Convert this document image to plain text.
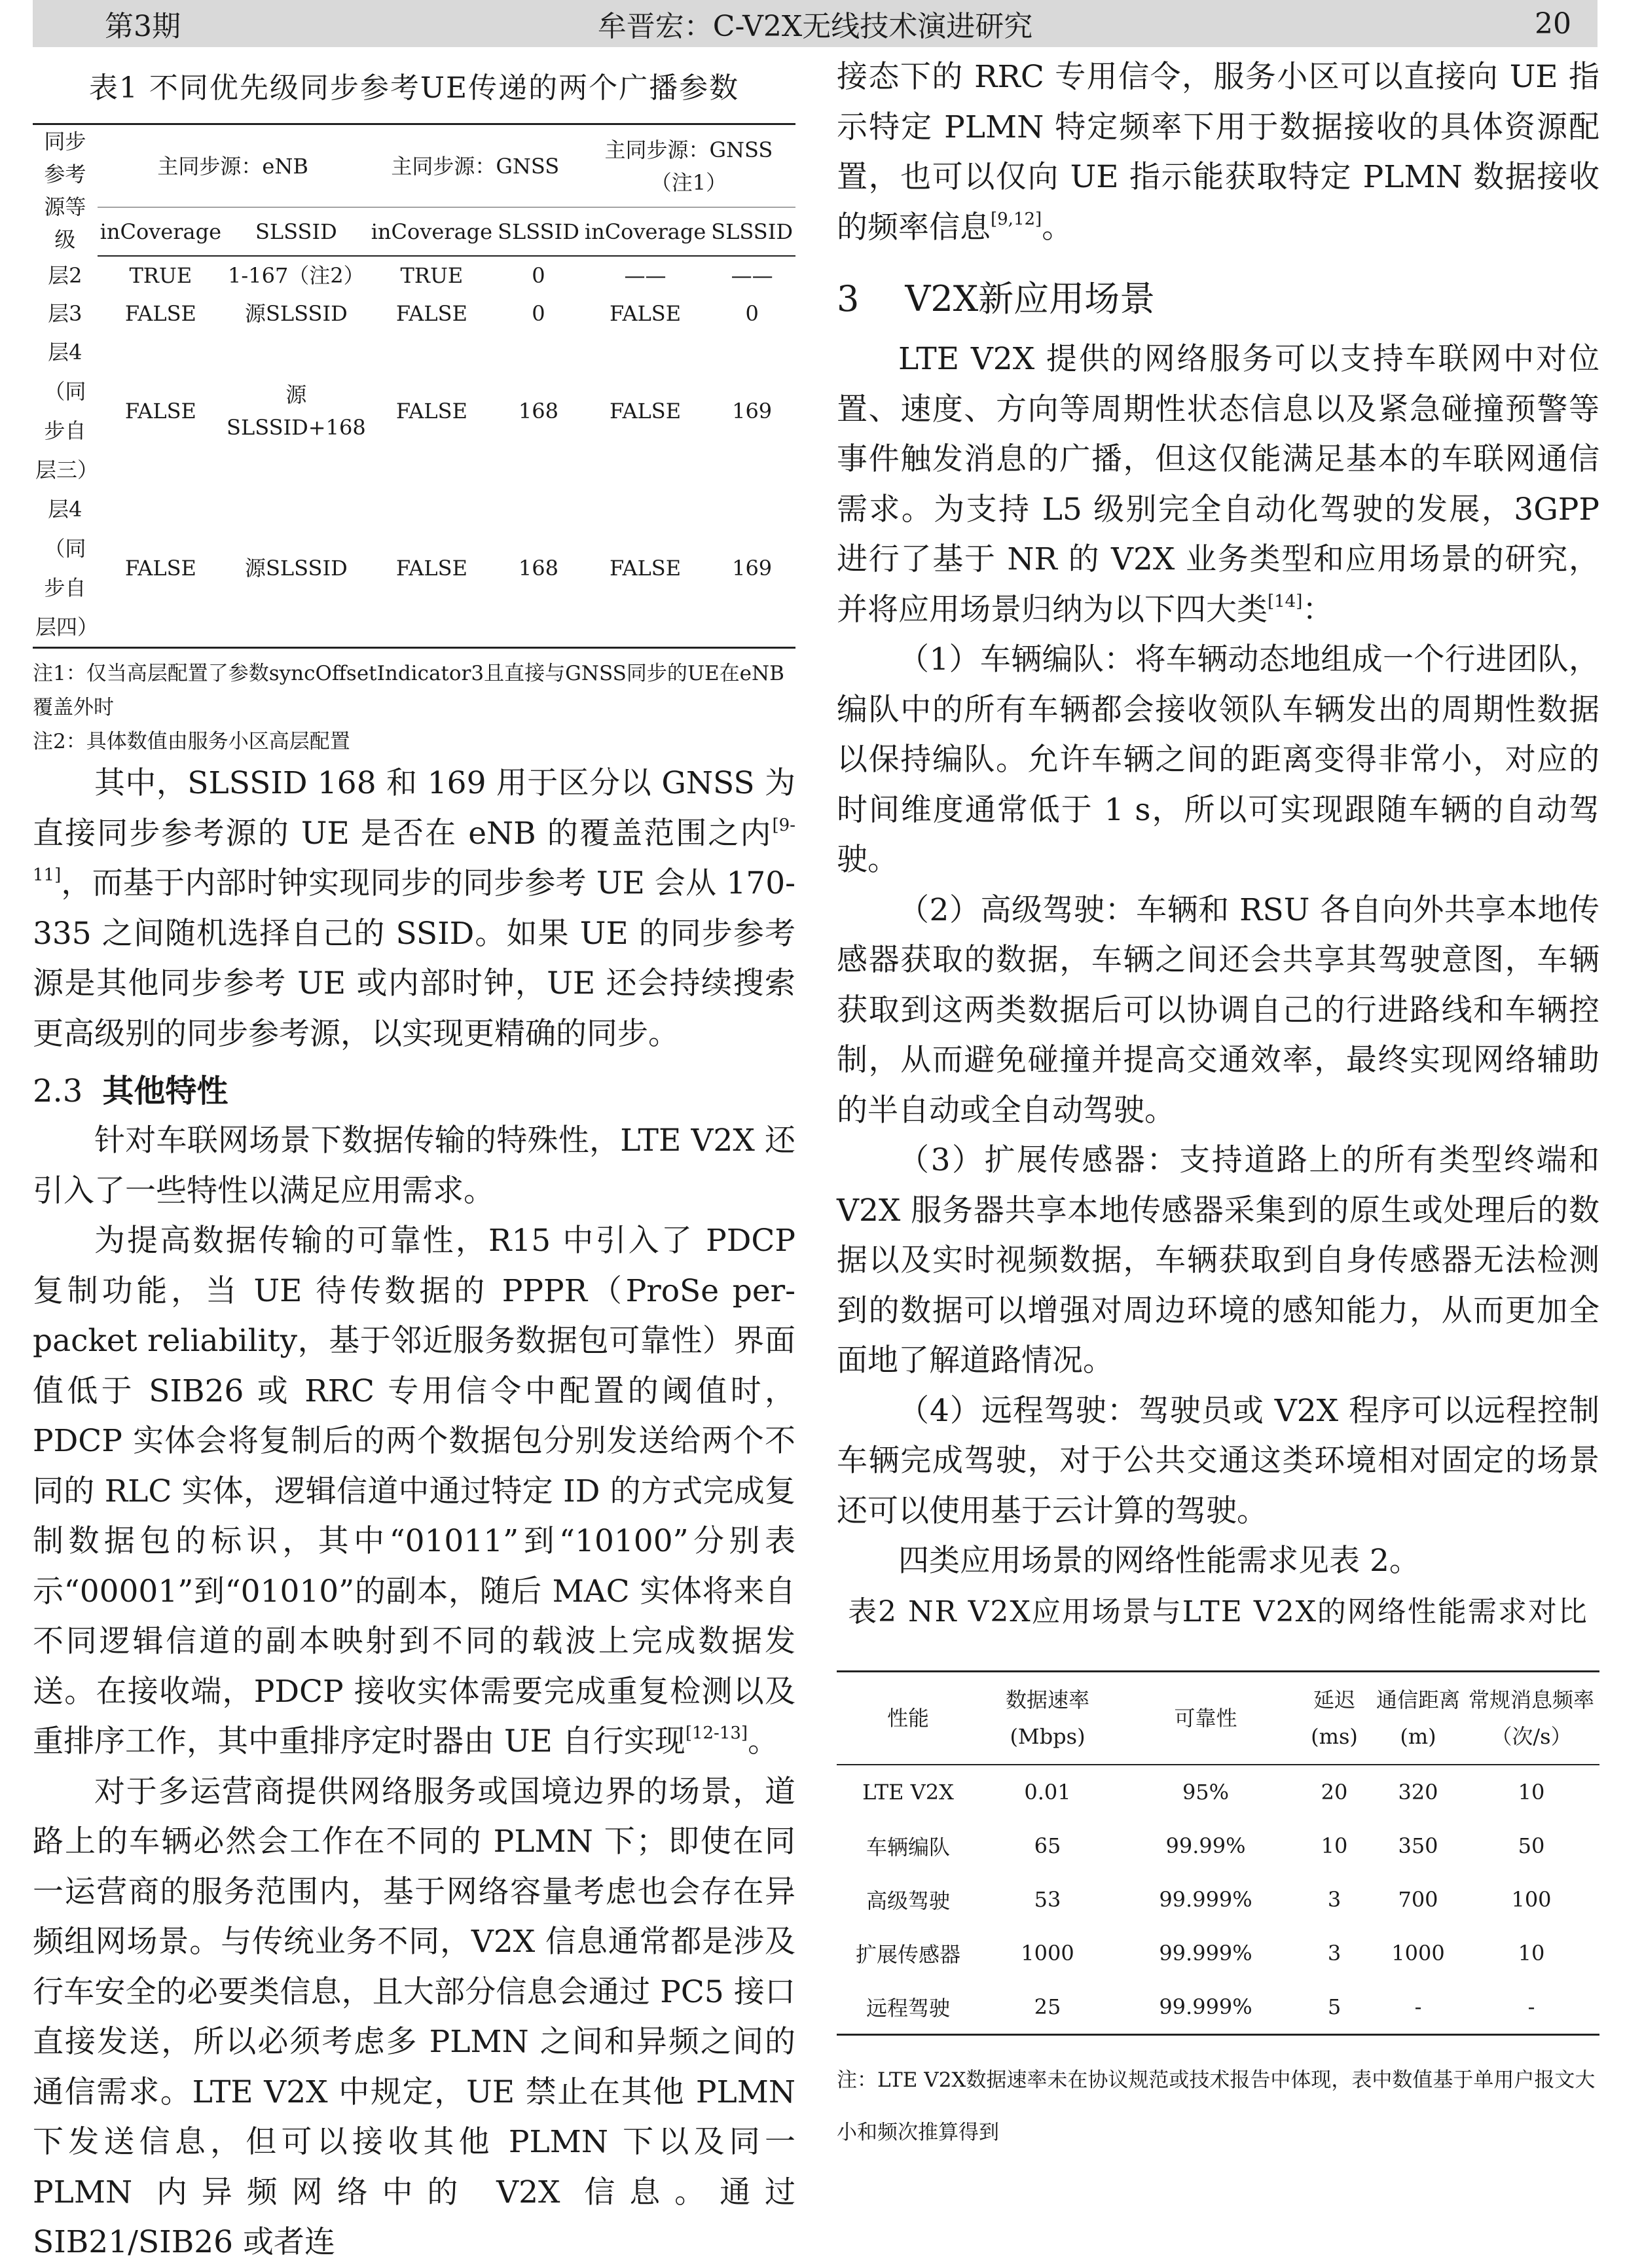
第3期	牟晋宏：C-V2X无线技术演进研究	20
表1 不同优先级同步参考UE传递的两个广播参数
同步参考源等级	主同步源：eNB		主同步源：GNSS		主同步源：GNSS（注1）	
	inCoverage	SLSSID	inCoverage	SLSSID	inCoverage	SLSSID
层2	TRUE	1-167（注2）	TRUE	0	——	——
层3	FALSE	源SLSSID	FALSE	0	FALSE	0
层4（同步自层三）	FALSE	源SLSSID+168	FALSE	168	FALSE	169
层4（同步自层四）	FALSE	源SLSSID	FALSE	168	FALSE	169
注1：仅当高层配置了参数syncOffsetIndicator3且直接与GNSS同步的UE在eNB覆盖外时
注2：具体数值由服务小区高层配置

其中，SLSSID 168 和 169 用于区分以 GNSS 为直接同步参考源的 UE 是否在 eNB 的覆盖范围之内[9-11]，而基于内部时钟实现同步的同步参考 UE 会从 170-335 之间随机选择自己的 SSID。如果 UE 的同步参考源是其他同步参考 UE 或内部时钟，UE 还会持续搜索更高级别的同步参考源，以实现更精确的同步。

2.3 其他特性

针对车联网场景下数据传输的特殊性，LTE V2X 还引入了一些特性以满足应用需求。

为提高数据传输的可靠性，R15 中引入了 PDCP 复制功能，当 UE 待传数据的 PPPR（ProSe per-packet reliability，基于邻近服务数据包可靠性）界面值低于 SIB26 或 RRC 专用信令中配置的阈值时，PDCP 实体会将复制后的两个数据包分别发送给两个不同的 RLC 实体，逻辑信道中通过特定 ID 的方式完成复制数据包的标识，其中“01011”到“10100”分别表示“00001”到“01010”的副本，随后 MAC 实体将来自不同逻辑信道的副本映射到不同的载波上完成数据发送。在接收端，PDCP 接收实体需要完成重复检测以及重排序工作，其中重排序定时器由 UE 自行实现[12-13]。

对于多运营商提供网络服务或国境边界的场景，道路上的车辆必然会工作在不同的 PLMN 下；即使在同一运营商的服务范围内，基于网络容量考虑也会存在异频组网场景。与传统业务不同，V2X 信息通常都是涉及行车安全的必要类信息，且大部分信息会通过 PC5 接口直接发送，所以必须考虑多 PLMN 之间和异频之间的通信需求。LTE V2X 中规定，UE 禁止在其他 PLMN 下发送信息，但可以接收其他 PLMN 下以及同一 PLMN 内异频网络中的 V2X 信息。通过 SIB21/SIB26 或者连

接态下的 RRC 专用信令，服务小区可以直接向 UE 指示特定 PLMN 特定频率下用于数据接收的具体资源配置，也可以仅向 UE 指示能获取特定 PLMN 数据接收的频率信息[9,12]。

3 V2X新应用场景

LTE V2X 提供的网络服务可以支持车联网中对位置、速度、方向等周期性状态信息以及紧急碰撞预警等事件触发消息的广播，但这仅能满足基本的车联网通信需求。为支持 L5 级别完全自动化驾驶的发展，3GPP 进行了基于 NR 的 V2X 业务类型和应用场景的研究，并将应用场景归纳为以下四大类[14]：

（1）车辆编队：将车辆动态地组成一个行进团队，编队中的所有车辆都会接收领队车辆发出的周期性数据以保持编队。允许车辆之间的距离变得非常小，对应的时间维度通常低于 1 s，所以可实现跟随车辆的自动驾驶。

（2）高级驾驶：车辆和 RSU 各自向外共享本地传感器获取的数据，车辆之间还会共享其驾驶意图，车辆获取到这两类数据后可以协调自己的行进路线和车辆控制，从而避免碰撞并提高交通效率，最终实现网络辅助的半自动或全自动驾驶。

（3）扩展传感器：支持道路上的所有类型终端和 V2X 服务器共享本地传感器采集到的原生或处理后的数据以及实时视频数据，车辆获取到自身传感器无法检测到的数据可以增强对周边环境的感知能力，从而更加全面地了解道路情况。

（4）远程驾驶：驾驶员或 V2X 程序可以远程控制车辆完成驾驶，对于公共交通这类环境相对固定的场景还可以使用基于云计算的驾驶。

四类应用场景的网络性能需求见表 2。

表2 NR V2X应用场景与LTE V2X的网络性能需求对比
性能	数据速率(Mbps)	可靠性	延迟(ms)	通信距离(m)	常规消息频率（次/s）
LTE V2X	0.01	95%	20	320	10
车辆编队	65	99.99%	10	350	50
高级驾驶	53	99.999%	3	700	100
扩展传感器	1000	99.999%	3	1000	10
远程驾驶	25	99.999%	5	-	-
注：LTE V2X数据速率未在协议规范或技术报告中体现，表中数值基于单用户报文大小和频次推算得到
